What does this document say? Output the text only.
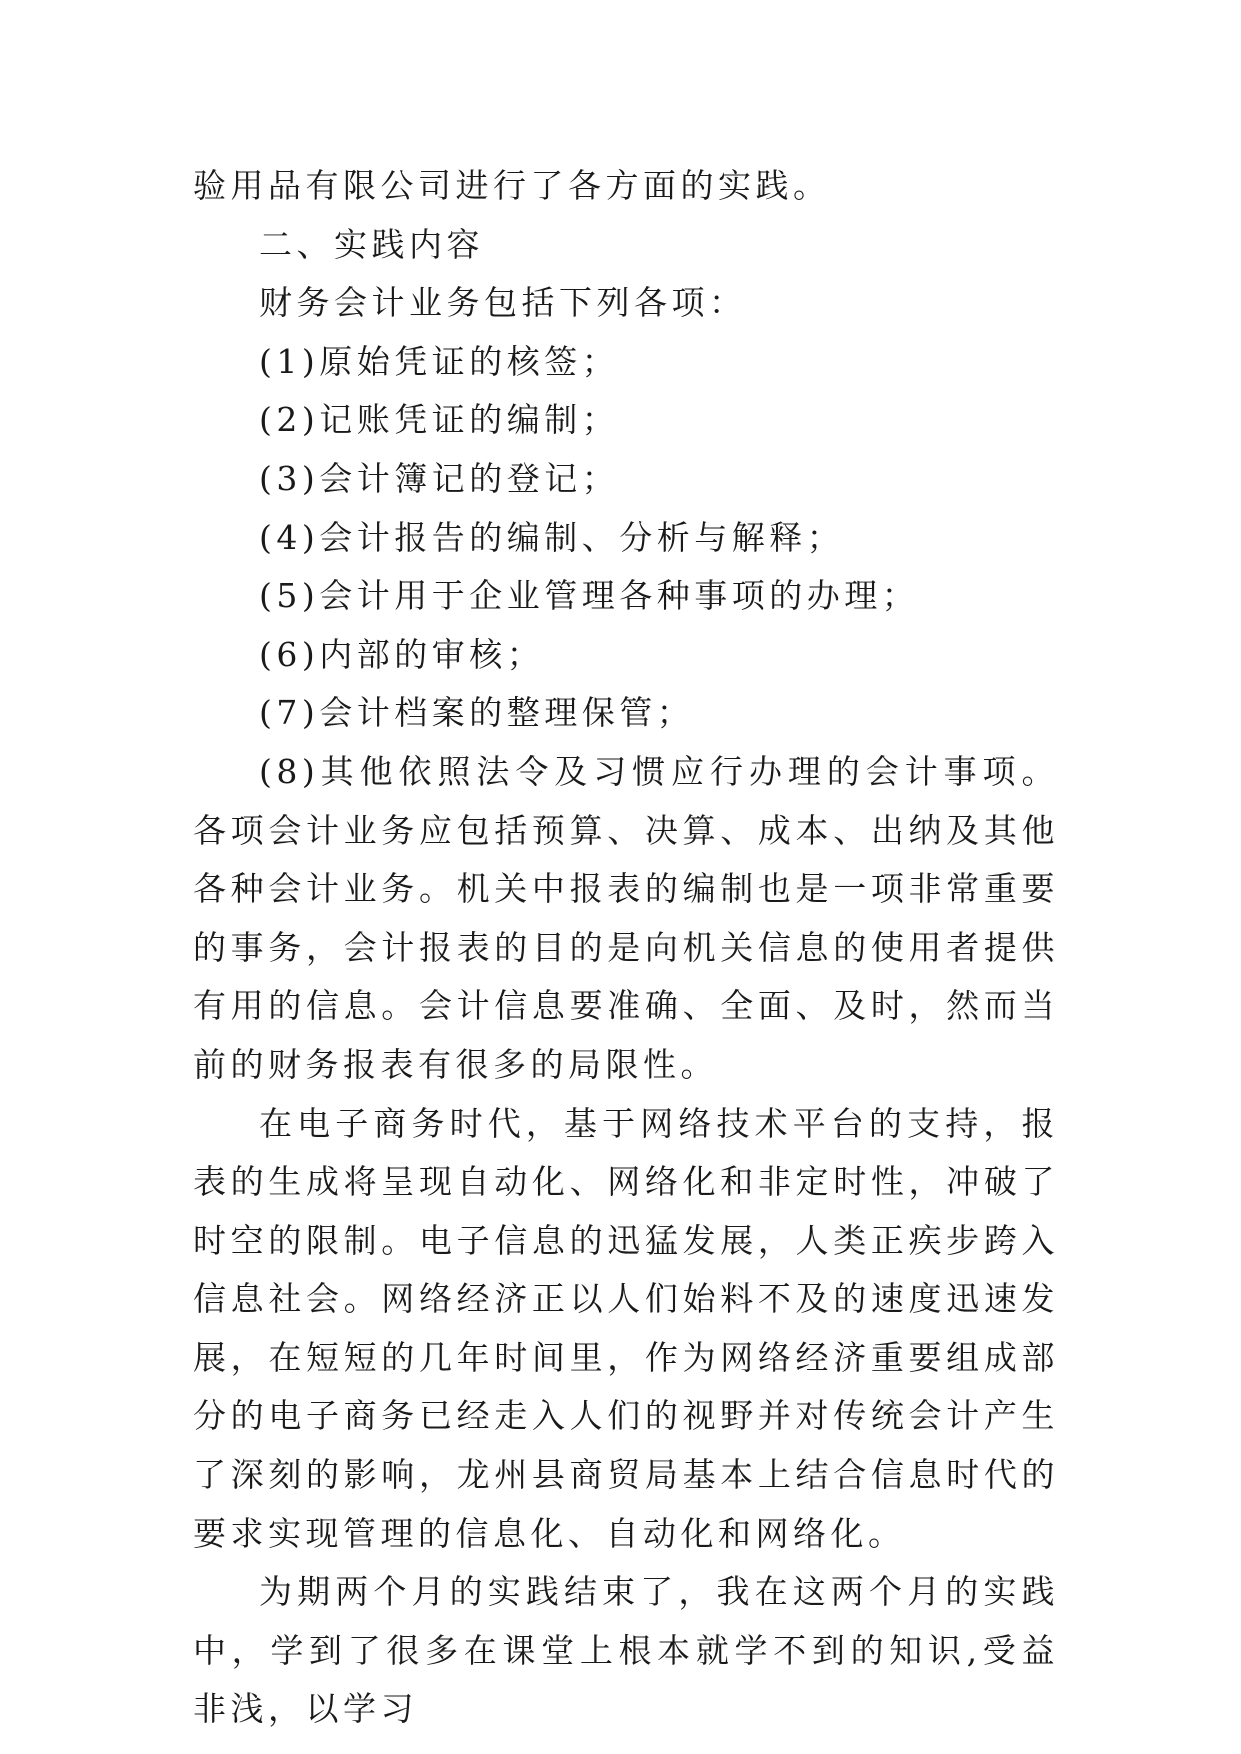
验用品有限公司进行了各方面的实践。

二、实践内容

财务会计业务包括下列各项：

(1)原始凭证的核签；

(2)记账凭证的编制；

(3)会计簿记的登记；

(4)会计报告的编制、分析与解释；

(5)会计用于企业管理各种事项的办理；

(6)内部的审核；

(7)会计档案的整理保管；

(8)其他依照法令及习惯应行办理的会计事项。各项会计业务应包括预算、决算、成本、出纳及其他各种会计业务。机关中报表的编制也是一项非常重要的事务，会计报表的目的是向机关信息的使用者提供有用的信息。会计信息要准确、全面、及时，然而当前的财务报表有很多的局限性。

在电子商务时代，基于网络技术平台的支持，报表的生成将呈现自动化、网络化和非定时性，冲破了时空的限制。电子信息的迅猛发展，人类正疾步跨入信息社会。网络经济正以人们始料不及的速度迅速发展，在短短的几年时间里，作为网络经济重要组成部分的电子商务已经走入人们的视野并对传统会计产生了深刻的影响，龙州县商贸局基本上结合信息时代的要求实现管理的信息化、自动化和网络化。

为期两个月的实践结束了，我在这两个月的实践中，学到了很多在课堂上根本就学不到的知识,受益非浅，以学习
